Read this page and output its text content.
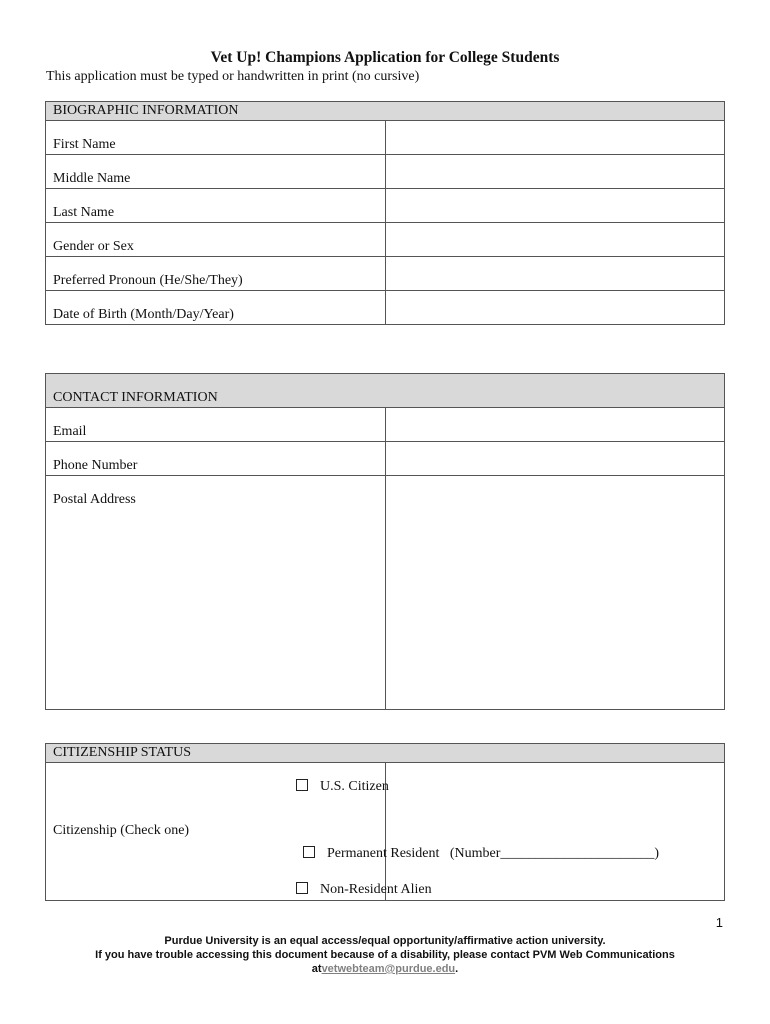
Vet Up! Champions Application for College Students
This application must be typed or handwritten in print (no cursive)
BIOGRAPHIC INFORMATION	
First Name	
Middle Name	
Last Name	
Gender or Sex	
Preferred Pronoun (He/She/They)	
Date of Birth (Month/Day/Year)	
CONTACT INFORMATION	
Email	
Phone Number	
Postal Address	
CITIZENSHIP STATUS
Citizenship (Check one)	
U.S. Citizen

Permanent Resident   (Number______________________)

Non-Resident Alien
1
Purdue University is an equal access/equal opportunity/affirmative action university.
If you have trouble accessing this document because of a disability, please contact PVM Web Communications
atvetwebteam@purdue.edu.
